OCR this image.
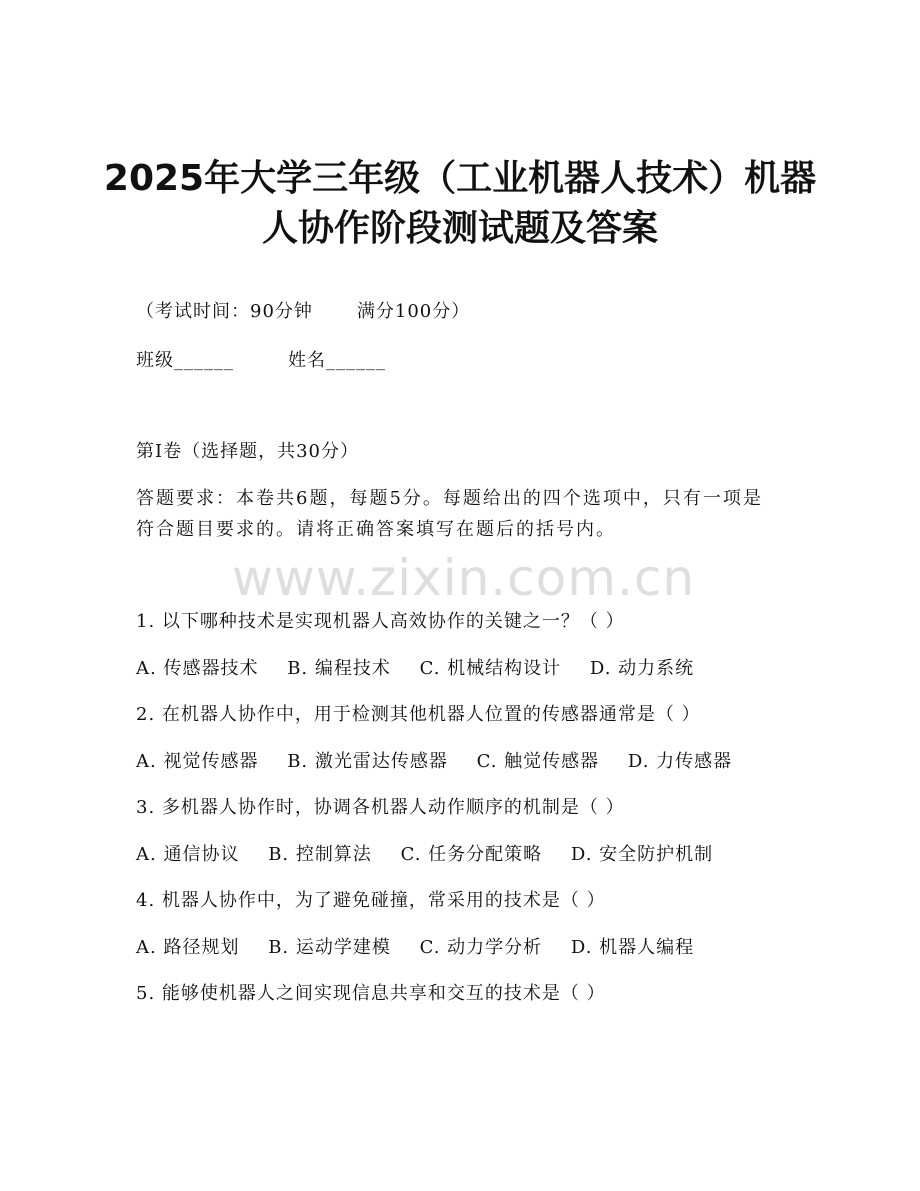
2025年大学三年级（工业机器人技术）机器
人协作阶段测试题及答案
（考试时间：90分钟 满分100分）
班级______	姓名______
第I卷（选择题，共30分）
答题要求：本卷共6题，每题5分。每题给出的四个选项中，只有一项是符合题目要求的。请将正确答案填写在题后的括号内。
www.zixin.com.cn
1. 以下哪种技术是实现机器人高效协作的关键之一？（ ）
A. 传感器技术 B. 编程技术 C. 机械结构设计 D. 动力系统
2. 在机器人协作中，用于检测其他机器人位置的传感器通常是（ ）
A. 视觉传感器 B. 激光雷达传感器 C. 触觉传感器 D. 力传感器
3. 多机器人协作时，协调各机器人动作顺序的机制是（ ）
A. 通信协议 B. 控制算法 C. 任务分配策略 D. 安全防护机制
4. 机器人协作中，为了避免碰撞，常采用的技术是（ ）
A. 路径规划 B. 运动学建模 C. 动力学分析 D. 机器人编程
5. 能够使机器人之间实现信息共享和交互的技术是（ ）
